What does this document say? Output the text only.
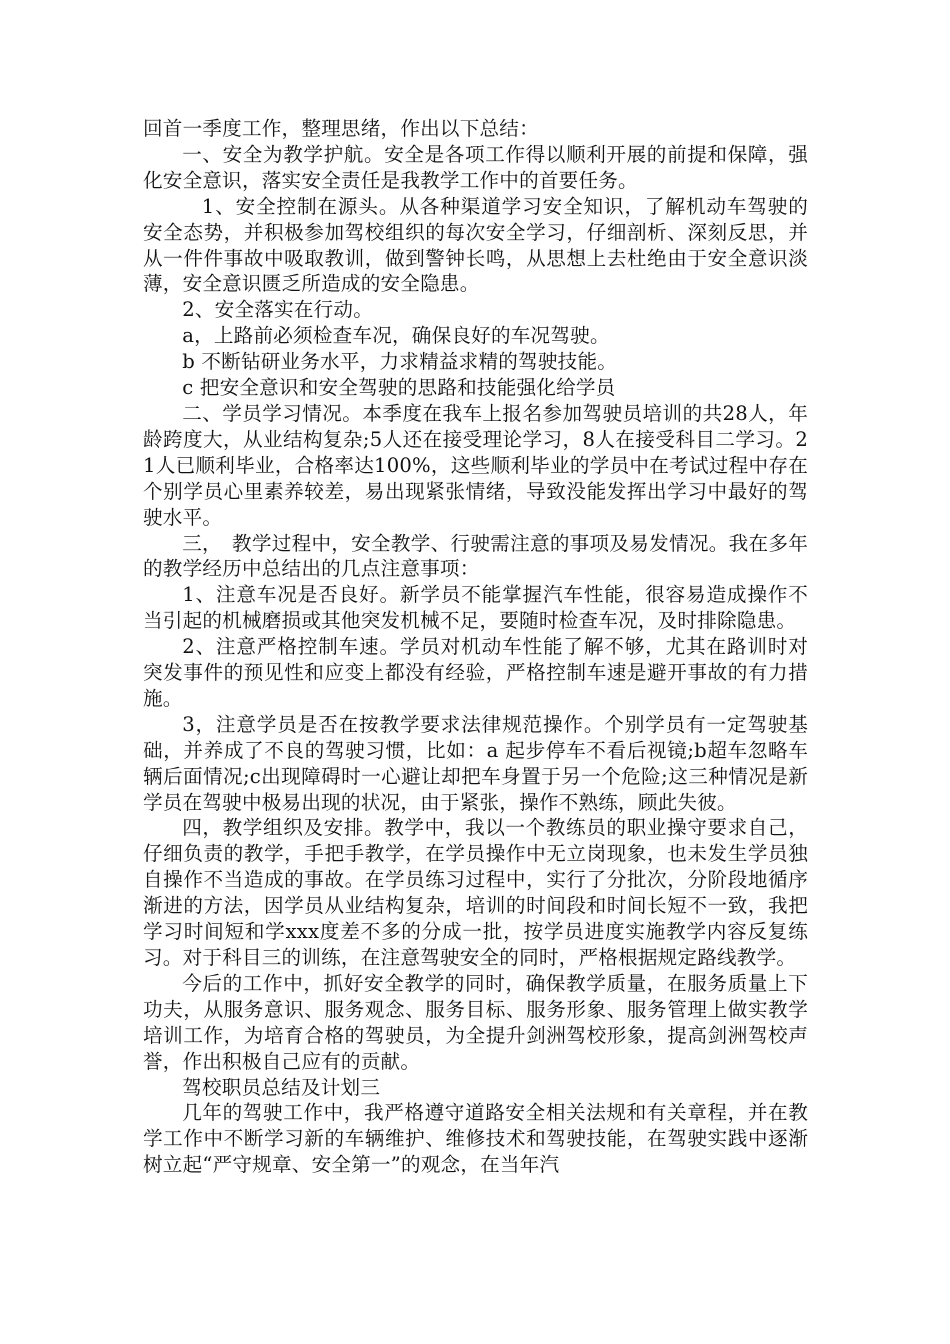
回首一季度工作，整理思绪，作出以下总结：

一、安全为教学护航。安全是各项工作得以顺利开展的前提和保障，强化安全意识，落实安全责任是我教学工作中的首要任务。

1、安全控制在源头。从各种渠道学习安全知识，了解机动车驾驶的安全态势，并积极参加驾校组织的每次安全学习，仔细剖析、深刻反思，并从一件件事故中吸取教训，做到警钟长鸣，从思想上去杜绝由于安全意识淡薄，安全意识匮乏所造成的安全隐患。

2、安全落实在行动。

a，上路前必须检查车况，确保良好的车况驾驶。

b 不断钻研业务水平，力求精益求精的驾驶技能。

c 把安全意识和安全驾驶的思路和技能强化给学员

二、学员学习情况。本季度在我车上报名参加驾驶员培训的共28人，年龄跨度大，从业结构复杂;5人还在接受理论学习，8人在接受科目二学习。21人已顺利毕业，合格率达100%，这些顺利毕业的学员中在考试过程中存在个别学员心里素养较差，易出现紧张情绪，导致没能发挥出学习中最好的驾驶水平。

三，　教学过程中，安全教学、行驶需注意的事项及易发情况。我在多年的教学经历中总结出的几点注意事项：

1、注意车况是否良好。新学员不能掌握汽车性能，很容易造成操作不当引起的机械磨损或其他突发机械不足，要随时检查车况，及时排除隐患。

2、注意严格控制车速。学员对机动车性能了解不够，尤其在路训时对突发事件的预见性和应变上都没有经验，严格控制车速是避开事故的有力措施。

3，注意学员是否在按教学要求法律规范操作。个别学员有一定驾驶基础，并养成了不良的驾驶习惯，比如：a 起步停车不看后视镜;b超车忽略车辆后面情况;c出现障碍时一心避让却把车身置于另一个危险;这三种情况是新学员在驾驶中极易出现的状况，由于紧张，操作不熟练，顾此失彼。

四，教学组织及安排。教学中，我以一个教练员的职业操守要求自己，仔细负责的教学，手把手教学，在学员操作中无立岗现象，也未发生学员独自操作不当造成的事故。在学员练习过程中，实行了分批次，分阶段地循序渐进的方法，因学员从业结构复杂，培训的时间段和时间长短不一致，我把学习时间短和学xxx度差不多的分成一批，按学员进度实施教学内容反复练习。对于科目三的训练，在注意驾驶安全的同时，严格根据规定路线教学。

今后的工作中，抓好安全教学的同时，确保教学质量，在服务质量上下功夫，从服务意识、服务观念、服务目标、服务形象、服务管理上做实教学培训工作，为培育合格的驾驶员，为全提升剑洲驾校形象，提高剑洲驾校声誉，作出积极自己应有的贡献。

驾校职员总结及计划三

几年的驾驶工作中，我严格遵守道路安全相关法规和有关章程，并在教学工作中不断学习新的车辆维护、维修技术和驾驶技能，在驾驶实践中逐渐树立起“严守规章、安全第一”的观念，在当年汽
